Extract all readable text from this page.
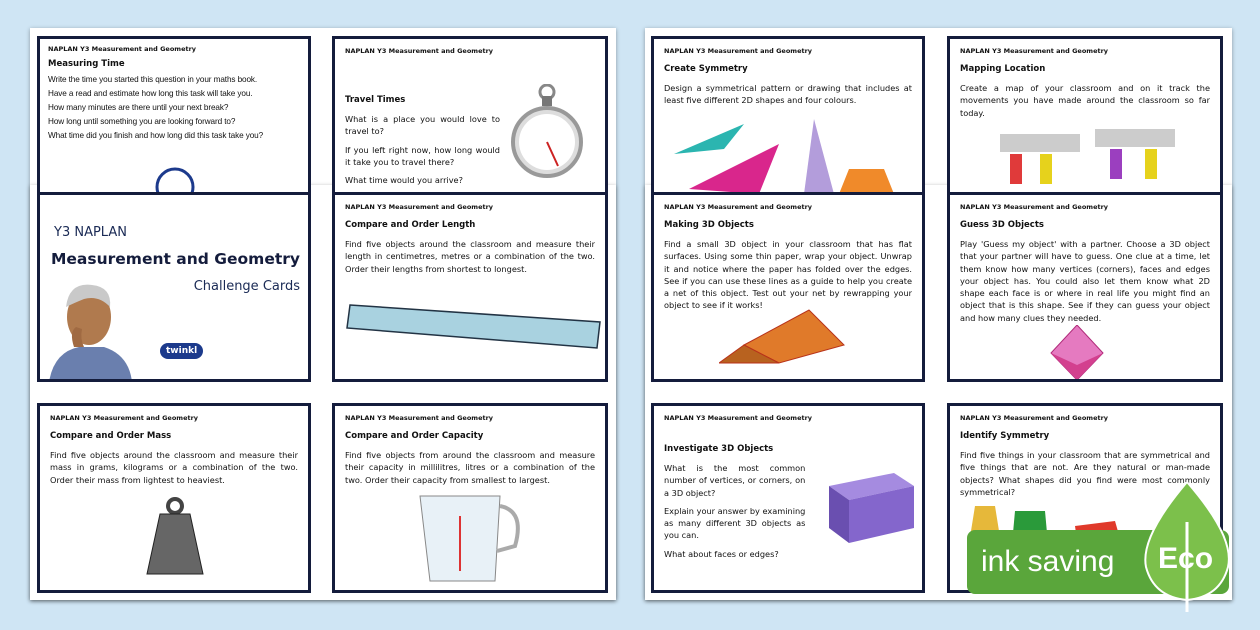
NAPLAN Y3 Measurement and Geometry
Measuring Time

Write the time you started this question in your maths book.

Have a read and estimate how long this task will take you.

How many minutes are there until your next break?

How long until something you are looking forward to?

What time did you finish and how long did this task take you?

NAPLAN Y3 Measurement and Geometry
Travel Times

What is a place you would love to travel to?

If you left right now, how long would it take you to travel there?

What time would you arrive?

NAPLAN Y3 Measurement and Geometry
Create Symmetry

Design a symmetrical pattern or drawing that includes at least five different 2D shapes and four colours.

NAPLAN Y3 Measurement and Geometry
Mapping Location

Create a map of your classroom and on it track the movements you have made around the classroom so far today.

NAPLAN Y3 Measurement and Geometry
Compare and Order Length

Find five objects around the classroom and measure their length in centimetres, metres or a combination of the two. Order their lengths from shortest to longest.

NAPLAN Y3 Measurement and Geometry
Making 3D Objects

Find a small 3D object in your classroom that has flat surfaces. Using some thin paper, wrap your object. Unwrap it and notice where the paper has folded over the edges. See if you can use these lines as a guide to help you create a net of this object. Test out your net by rewrapping your object to see if it works!

NAPLAN Y3 Measurement and Geometry
Guess 3D Objects

Play 'Guess my object' with a partner. Choose a 3D object that your partner will have to guess. One clue at a time, let them know how many vertices (corners), faces and edges your object has. You could also let them know what 2D shape each face is or where in real life you might find an object that is this shape. See if they can guess your object and how many clues they needed.

NAPLAN Y3 Measurement and Geometry
Compare and Order Mass

Find five objects around the classroom and measure their mass in grams, kilograms or a combination of the two. Order their mass from lightest to heaviest.

NAPLAN Y3 Measurement and Geometry
Compare and Order Capacity

Find five objects from around the classroom and measure their capacity in millilitres, litres or a combination of the two. Order their capacity from smallest to largest.

NAPLAN Y3 Measurement and Geometry
Investigate 3D Objects

What is the most common number of vertices, or corners, on a 3D object?

Explain your answer by examining as many different 3D objects as you can.

What about faces or edges?

NAPLAN Y3 Measurement and Geometry
Identify Symmetry

Find five things in your classroom that are symmetrical and five things that are not. Are they natural or man-made objects? What shapes did you find were most commonly symmetrical?

Y3 NAPLAN
Measurement and Geometry
Challenge Cards
twinkl
ink saving Eco
